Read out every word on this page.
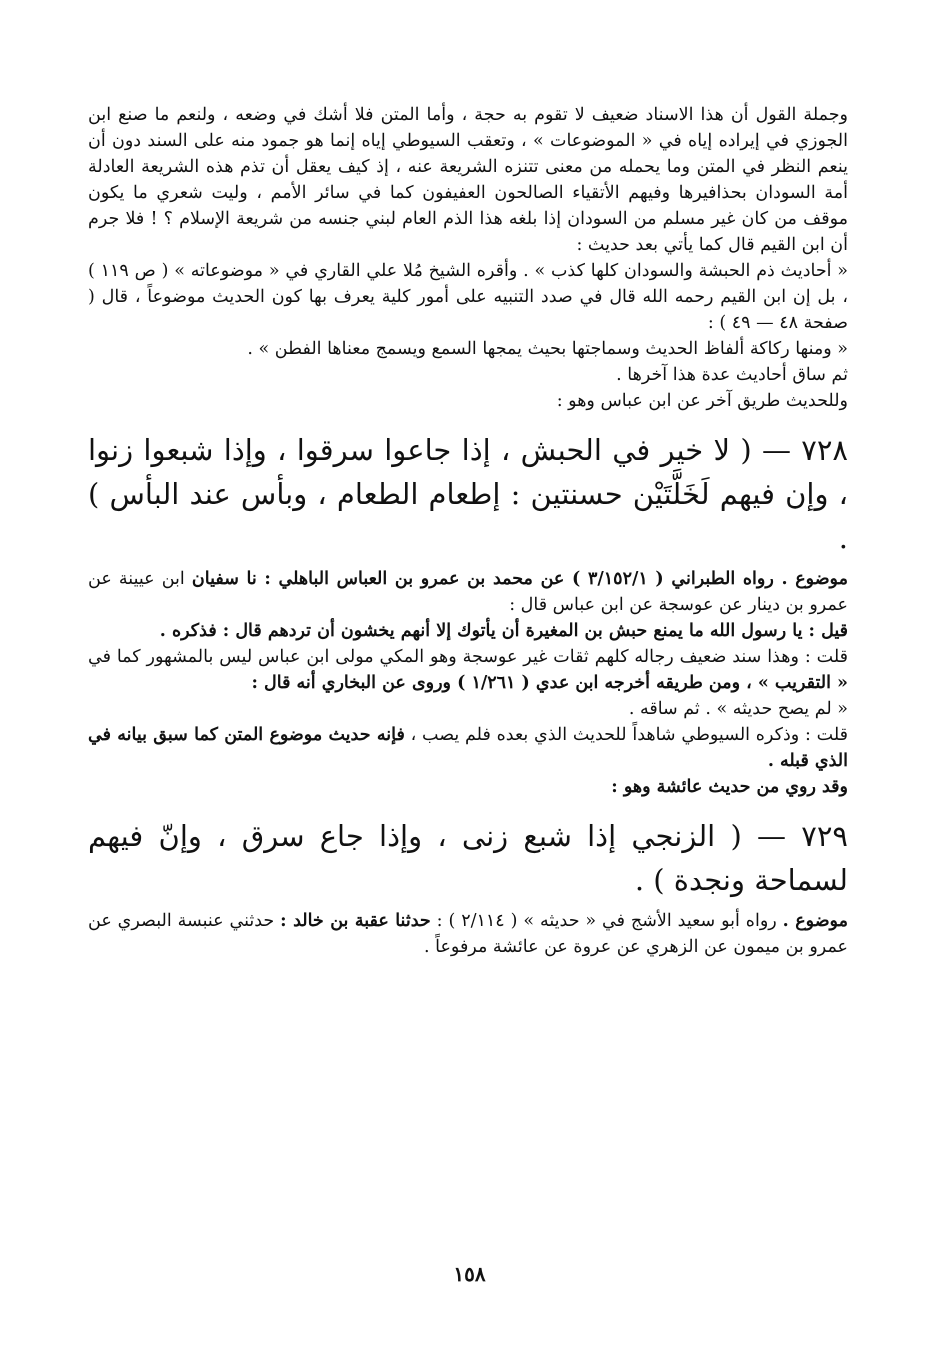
وجملة القول أن هذا الاسناد ضعيف لا تقوم به حجة ، وأما المتن فلا أشك في وضعه ، ولنعم ما صنع ابن الجوزي في إيراده إياه في « الموضوعات » ، وتعقب السيوطي إياه إنما هو جمود منه على السند دون أن ينعم النظر في المتن وما يحمله من معنى تتنزه الشريعة عنه ، إذ كيف يعقل أن تذم هذه الشريعة العادلة أمة السودان بحذافيرها وفيهم الأتقياء الصالحون العفيفون كما في سائر الأمم ، وليت شعري ما يكون موقف من كان غير مسلم من السودان إذا بلغه هذا الذم العام لبني جنسه من شريعة الإسلام ؟ ! فلا جرم أن ابن القيم قال كما يأتي بعد حديث :

« أحاديث ذم الحبشة والسودان كلها كذب » . وأقره الشيخ مُلا علي القاري في « موضوعاته » ( ص ١١٩ ) ، بل إن ابن القيم رحمه الله قال في صدد التنبيه على أمور كلية يعرف بها كون الحديث موضوعاً ، قال ( صفحة ٤٨ — ٤٩ ) :

« ومنها ركاكة ألفاظ الحديث وسماجتها بحيث يمجها السمع ويسمج معناها الفطن » .

ثم ساق أحاديث عدة هذا آخرها .

وللحديث طريق آخر عن ابن عباس وهو :

٧٢٨ — ( لا خير في الحبش ، إذا جاعوا سرقوا ، وإذا شبعوا زنوا ، وإن فيهم لَخَلَّتَيْن حسنتين : إطعام الطعام ، وبأس عند البأس ) .

موضوع . رواه الطبراني ( ٣/١٥٢/١ ) عن محمد بن عمرو بن العباس الباهلي : نا سفيان ابن عيينة عن عمرو بن دينار عن عوسجة عن ابن عباس قال :

قيل : يا رسول الله ما يمنع حبش بن المغيرة أن يأتوك إلا أنهم يخشون أن تردهم قال : فذكره .

قلت : وهذا سند ضعيف رجاله كلهم ثقات غير عوسجة وهو المكي مولى ابن عباس ليس بالمشهور كما في « التقريب » ، ومن طريقه أخرجه ابن عدي ( ١/٢٦١ ) وروى عن البخاري أنه قال :

« لم يصح حديثه » . ثم ساقه .

قلت : وذكره السيوطي شاهداً للحديث الذي بعده فلم يصب ، فإنه حديث موضوع المتن كما سبق بيانه في الذي قبله .

وقد روي من حديث عائشة وهو :

٧٢٩ — ( الزنجي إذا شبع زنى ، وإذا جاع سرق ، وإنّ فيهم لسماحة ونجدة ) .

موضوع . رواه أبو سعيد الأشج في « حديثه » ( ٢/١١٤ ) : حدثنا عقبة بن خالد : حدثني عنبسة البصري عن عمرو بن ميمون عن الزهري عن عروة عن عائشة مرفوعاً .

١٥٨
